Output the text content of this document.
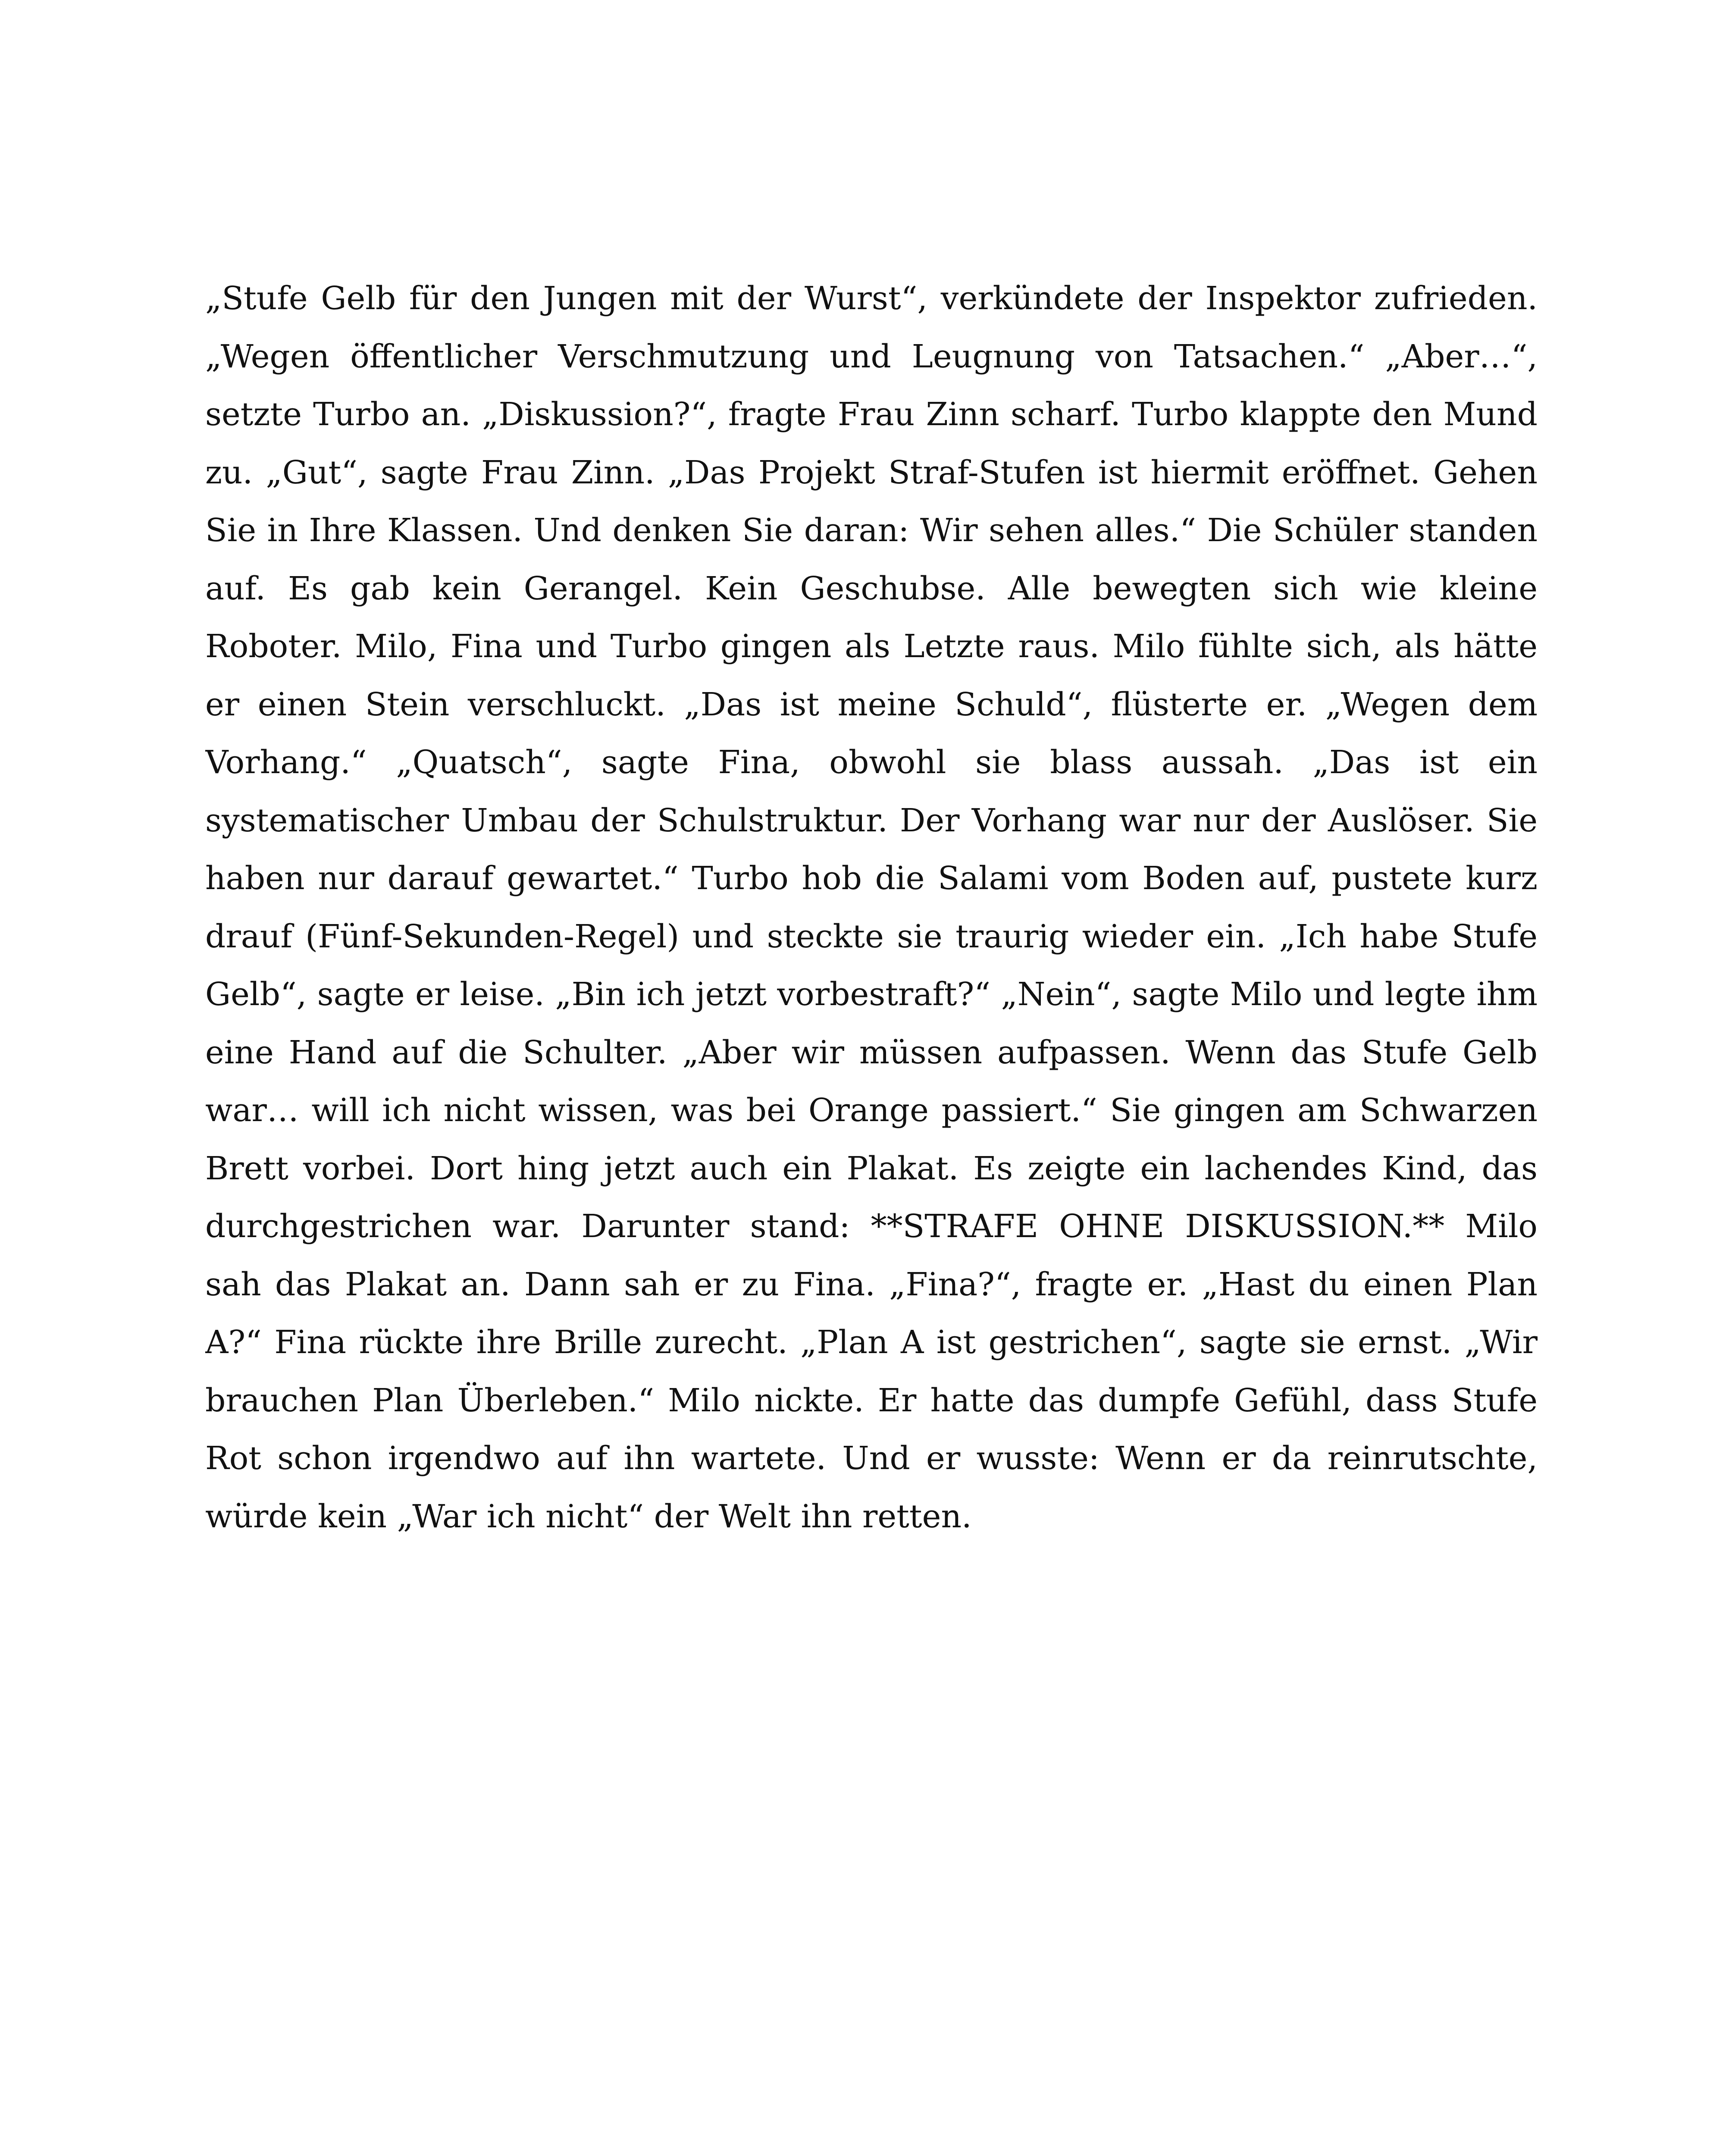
„Stufe Gelb für den Jungen mit der Wurst“, verkündete der Inspektor zufrieden.
„Wegen öffentlicher Verschmutzung und Leugnung von Tatsachen.“ „Aber…“,
setzte Turbo an. „Diskussion?“, fragte Frau Zinn scharf. Turbo klappte den Mund
zu. „Gut“, sagte Frau Zinn. „Das Projekt Straf-Stufen ist hiermit eröffnet. Gehen
Sie in Ihre Klassen. Und denken Sie daran: Wir sehen alles.“ Die Schüler standen
auf. Es gab kein Gerangel. Kein Geschubse. Alle bewegten sich wie kleine
Roboter. Milo, Fina und Turbo gingen als Letzte raus. Milo fühlte sich, als hätte
er einen Stein verschluckt. „Das ist meine Schuld“, flüsterte er. „Wegen dem
Vorhang.“ „Quatsch“, sagte Fina, obwohl sie blass aussah. „Das ist ein
systematischer Umbau der Schulstruktur. Der Vorhang war nur der Auslöser. Sie
haben nur darauf gewartet.“ Turbo hob die Salami vom Boden auf, pustete kurz
drauf (Fünf-Sekunden-Regel) und steckte sie traurig wieder ein. „Ich habe Stufe
Gelb“, sagte er leise. „Bin ich jetzt vorbestraft?“ „Nein“, sagte Milo und legte ihm
eine Hand auf die Schulter. „Aber wir müssen aufpassen. Wenn das Stufe Gelb
war… will ich nicht wissen, was bei Orange passiert.“ Sie gingen am Schwarzen
Brett vorbei. Dort hing jetzt auch ein Plakat. Es zeigte ein lachendes Kind, das
durchgestrichen war. Darunter stand: **STRAFE OHNE DISKUSSION.** Milo
sah das Plakat an. Dann sah er zu Fina. „Fina?“, fragte er. „Hast du einen Plan
A?“ Fina rückte ihre Brille zurecht. „Plan A ist gestrichen“, sagte sie ernst. „Wir
brauchen Plan Überleben.“ Milo nickte. Er hatte das dumpfe Gefühl, dass Stufe
Rot schon irgendwo auf ihn wartete. Und er wusste: Wenn er da reinrutschte,
würde kein „War ich nicht“ der Welt ihn retten.
